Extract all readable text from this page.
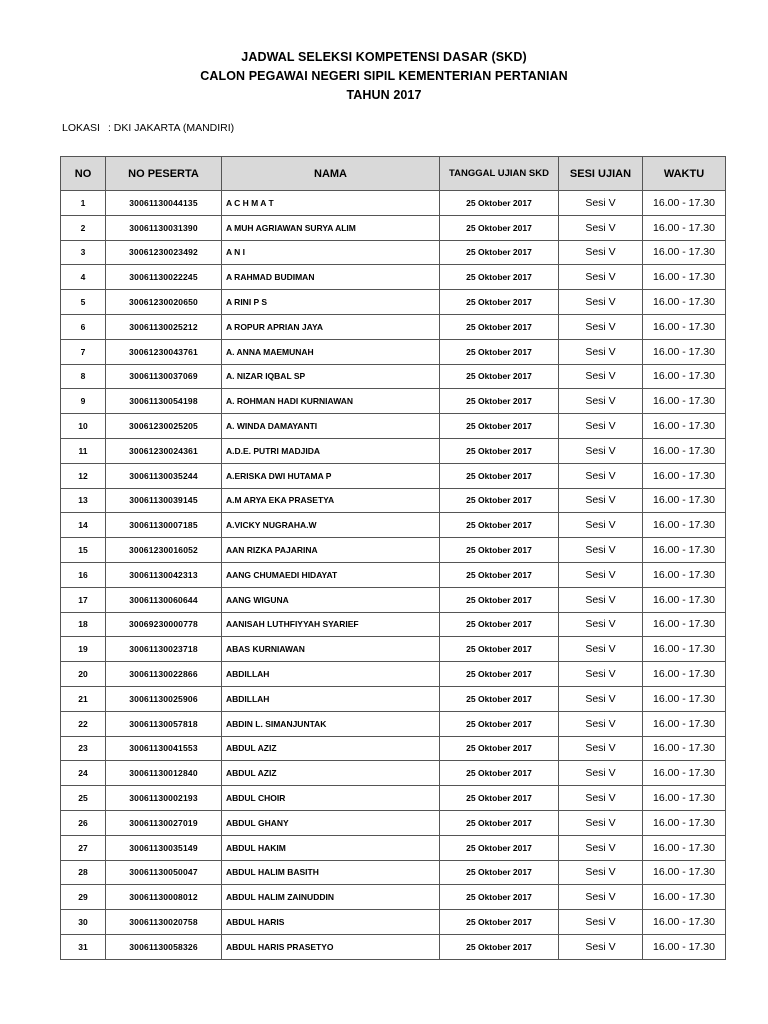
JADWAL SELEKSI KOMPETENSI DASAR (SKD)
CALON PEGAWAI NEGERI SIPIL KEMENTERIAN PERTANIAN
TAHUN 2017
LOKASI : DKI JAKARTA (MANDIRI)
NO	NO PESERTA	NAMA	TANGGAL UJIAN SKD	SESI UJIAN	WAKTU
1	30061130044135	A C H M A T	25 Oktober 2017	Sesi V	16.00 - 17.30
2	30061130031390	A MUH AGRIAWAN SURYA ALIM	25 Oktober 2017	Sesi V	16.00 - 17.30
3	30061230023492	A N I	25 Oktober 2017	Sesi V	16.00 - 17.30
4	30061130022245	A RAHMAD BUDIMAN	25 Oktober 2017	Sesi V	16.00 - 17.30
5	30061230020650	A RINI P S	25 Oktober 2017	Sesi V	16.00 - 17.30
6	30061130025212	A ROPUR APRIAN JAYA	25 Oktober 2017	Sesi V	16.00 - 17.30
7	30061230043761	A. ANNA MAEMUNAH	25 Oktober 2017	Sesi V	16.00 - 17.30
8	30061130037069	A. NIZAR IQBAL SP	25 Oktober 2017	Sesi V	16.00 - 17.30
9	30061130054198	A. ROHMAN HADI KURNIAWAN	25 Oktober 2017	Sesi V	16.00 - 17.30
10	30061230025205	A. WINDA DAMAYANTI	25 Oktober 2017	Sesi V	16.00 - 17.30
11	30061230024361	A.D.E. PUTRI MADJIDA	25 Oktober 2017	Sesi V	16.00 - 17.30
12	30061130035244	A.ERISKA DWI HUTAMA P	25 Oktober 2017	Sesi V	16.00 - 17.30
13	30061130039145	A.M ARYA EKA PRASETYA	25 Oktober 2017	Sesi V	16.00 - 17.30
14	30061130007185	A.VICKY NUGRAHA.W	25 Oktober 2017	Sesi V	16.00 - 17.30
15	30061230016052	AAN RIZKA PAJARINA	25 Oktober 2017	Sesi V	16.00 - 17.30
16	30061130042313	AANG CHUMAEDI HIDAYAT	25 Oktober 2017	Sesi V	16.00 - 17.30
17	30061130060644	AANG WIGUNA	25 Oktober 2017	Sesi V	16.00 - 17.30
18	30069230000778	AANISAH LUTHFIYYAH SYARIEF	25 Oktober 2017	Sesi V	16.00 - 17.30
19	30061130023718	ABAS KURNIAWAN	25 Oktober 2017	Sesi V	16.00 - 17.30
20	30061130022866	ABDILLAH	25 Oktober 2017	Sesi V	16.00 - 17.30
21	30061130025906	ABDILLAH	25 Oktober 2017	Sesi V	16.00 - 17.30
22	30061130057818	ABDIN L. SIMANJUNTAK	25 Oktober 2017	Sesi V	16.00 - 17.30
23	30061130041553	ABDUL AZIZ	25 Oktober 2017	Sesi V	16.00 - 17.30
24	30061130012840	ABDUL AZIZ	25 Oktober 2017	Sesi V	16.00 - 17.30
25	30061130002193	ABDUL CHOIR	25 Oktober 2017	Sesi V	16.00 - 17.30
26	30061130027019	ABDUL GHANY	25 Oktober 2017	Sesi V	16.00 - 17.30
27	30061130035149	ABDUL HAKIM	25 Oktober 2017	Sesi V	16.00 - 17.30
28	30061130050047	ABDUL HALIM BASITH	25 Oktober 2017	Sesi V	16.00 - 17.30
29	30061130008012	ABDUL HALIM ZAINUDDIN	25 Oktober 2017	Sesi V	16.00 - 17.30
30	30061130020758	ABDUL HARIS	25 Oktober 2017	Sesi V	16.00 - 17.30
31	30061130058326	ABDUL HARIS PRASETYO	25 Oktober 2017	Sesi V	16.00 - 17.30
